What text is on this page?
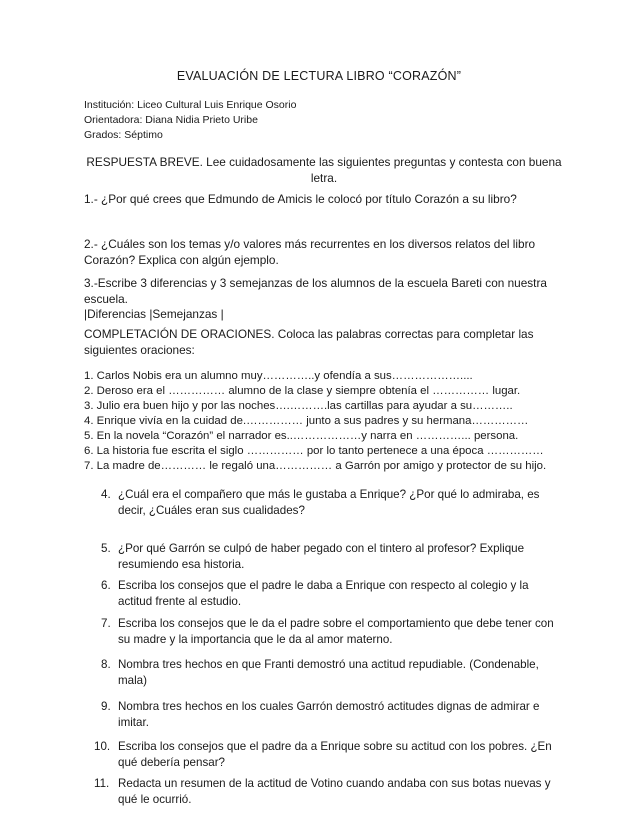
EVALUACIÓN DE LECTURA LIBRO “CORAZÓN”
Institución: Liceo Cultural Luis Enrique Osorio
Orientadora: Diana Nidia Prieto Uribe
Grados: Séptimo
RESPUESTA BREVE. Lee cuidadosamente las siguientes preguntas y contesta con buena letra.
1.- ¿Por qué crees que Edmundo de Amicis le colocó por título Corazón a su libro?
2.- ¿Cuáles son los temas y/o valores más recurrentes en los diversos relatos del libro Corazón? Explica con algún ejemplo.
3.-Escribe 3 diferencias y 3 semejanzas de los alumnos de la escuela Bareti con nuestra escuela.
|Diferencias |Semejanzas |
COMPLETACIÓN DE ORACIONES. Coloca las palabras correctas para completar las siguientes oraciones:
1. Carlos Nobis era un alumno muy…………..y ofendía a sus………………....
2. Deroso era el …………… alumno de la clase y siempre obtenía el …………… lugar.
3. Julio era buen hijo y por las noches….……….las cartillas para ayudar a su………..
4. Enrique vivía en la cuidad de.…………… junto a sus padres y su hermana……………
5. En la novela “Corazón” el narrador es..………………y narra en …………... persona.
6. La historia fue escrita el siglo …………… por lo tanto pertenece a una época ……………
7. La madre de………… le regaló una…………… a Garrón por amigo y protector de su hijo.
4. ¿Cuál era el compañero que más le gustaba a Enrique? ¿Por qué lo admiraba, es decir, ¿Cuáles eran sus cualidades?
5. ¿Por qué Garrón se culpó de haber pegado con el tintero al profesor? Explique resumiendo esa historia.
6. Escriba los consejos que el padre le daba a Enrique con respecto al colegio y la actitud frente al estudio.
7. Escriba los consejos que le da el padre sobre el comportamiento que debe tener con su madre y la importancia que le da al amor materno.
8. Nombra tres hechos en que Franti demostró una actitud repudiable. (Condenable, mala)
9. Nombra tres hechos en los cuales Garrón demostró actitudes dignas de admirar e imitar.
10. Escriba los consejos que el padre da a Enrique sobre su actitud con los pobres. ¿En qué debería pensar?
11. Redacta un resumen de la actitud de Votino cuando andaba con sus botas nuevas y qué le ocurrió.
